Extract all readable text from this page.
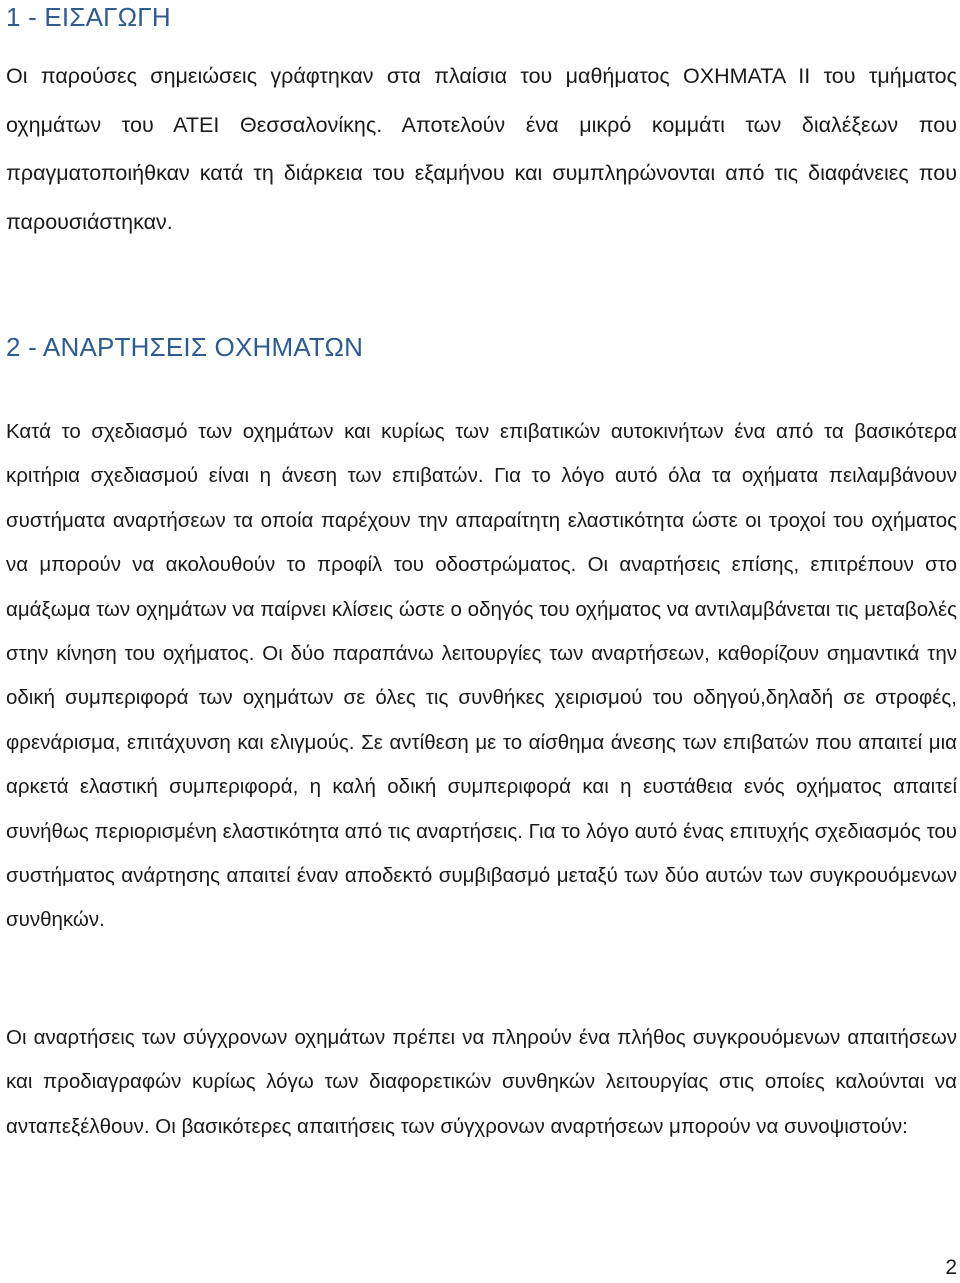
1 - ΕΙΣΑΓΩΓΗ

Οι παρούσες σημειώσεις γράφτηκαν στα πλαίσια του μαθήματος ΟΧΗΜΑΤΑ ΙΙ του τμήματος οχημάτων του ΑΤΕΙ Θεσσαλονίκης. Αποτελούν ένα μικρό κομμάτι των διαλέξεων που πραγματοποιήθκαν κατά τη διάρκεια του εξαμήνου και συμπληρώνονται από τις διαφάνειες που παρουσιάστηκαν.

2 - ΑΝΑΡΤΗΣΕΙΣ ΟΧΗΜΑΤΩΝ

Κατά το σχεδιασμό των οχημάτων και κυρίως των επιβατικών αυτοκινήτων ένα από τα βασικότερα κριτήρια σχεδιασμού είναι η άνεση των επιβατών. Για το λόγο αυτό όλα τα οχήματα πειλαμβάνουν συστήματα αναρτήσεων τα οποία παρέχουν την απαραίτητη ελαστικότητα ώστε οι τροχοί του οχήματος να μπορούν να ακολουθούν το προφίλ του οδοστρώματος. Οι αναρτήσεις επίσης, επιτρέπουν στο αμάξωμα των οχημάτων να παίρνει κλίσεις ώστε ο οδηγός του οχήματος να αντιλαμβάνεται τις μεταβολές στην κίνηση του οχήματος. Οι δύο παραπάνω λειτουργίες των αναρτήσεων, καθορίζουν σημαντικά την οδική συμπεριφορά των οχημάτων σε όλες τις συνθήκες χειρισμού του οδηγού,δηλαδή σε στροφές, φρενάρισμα, επιτάχυνση και ελιγμούς. Σε αντίθεση με το αίσθημα άνεσης των επιβατών που απαιτεί μια αρκετά ελαστική συμπεριφορά, η καλή οδική συμπεριφορά και η ευστάθεια ενός οχήματος απαιτεί συνήθως περιορισμένη ελαστικότητα από τις αναρτήσεις. Για το λόγο αυτό ένας επιτυχής σχεδιασμός του συστήματος ανάρτησης απαιτεί έναν αποδεκτό συμβιβασμό μεταξύ των δύο αυτών των συγκρουόμενων συνθηκών.

Οι αναρτήσεις των σύγχρονων οχημάτων πρέπει να πληρούν ένα πλήθος συγκρουόμενων απαιτήσεων και προδιαγραφών κυρίως λόγω των διαφορετικών συνθηκών λειτουργίας στις οποίες καλούνται να ανταπεξέλθουν. Οι βασικότερες απαιτήσεις των σύγχρονων αναρτήσεων μπορούν να συνοψιστούν:

2
